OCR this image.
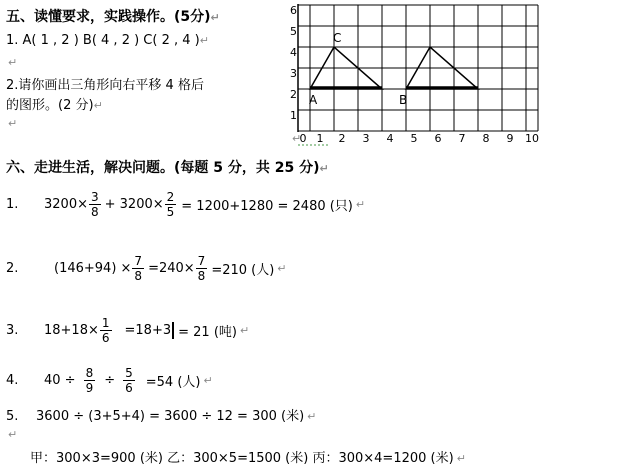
五、读懂要求，实践操作。(5分)↵
1. A( 1 , 2 ) B( 4 , 2 ) C( 2 , 4 )↵
↵
2.请你画出三角形向右平移 4 格后
的图形。(2 分)↵
↵
6
5
4
3
2
1
↵
0 1 2 3 4 5 6 7 8 9 10
A
C
B
六、走进生活，解决问题。(每题 5 分，共 25 分)↵
1.	$3200\times \frac{3}{8} + 3200\times \frac{2}{5} = 1200+1280 = 2480$ (只) ↵
2.	$(146+94) \times \frac{7}{8} =240\times \frac{7}{8} =210$ (人) ↵
3.	$18+18\times \frac{1}{6} =18+3 = 21$ (吨) ↵
4.	$40 \div \frac{8}{9} \div \frac{5}{6} =54$ (人) ↵
5. 3600 ÷ (3+5+4) = 3600 ÷ 12 = 300 (米) ↵
↵
甲：300×3=900 (米) 乙：300×5=1500 (米) 丙：300×4=1200 (米) ↵
